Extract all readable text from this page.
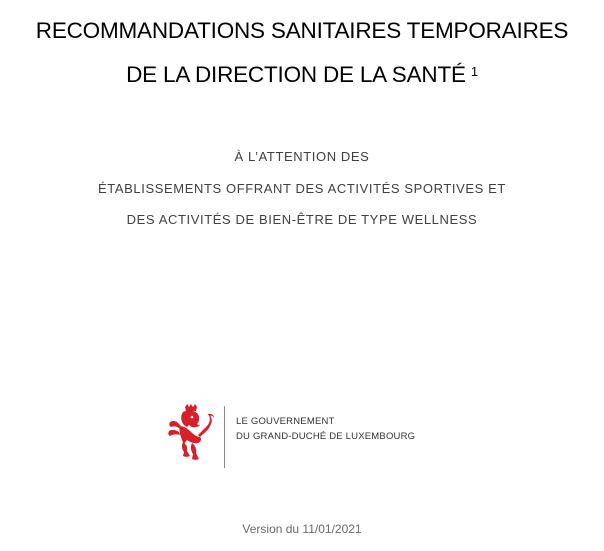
RECOMMANDATIONS SANITAIRES TEMPORAIRES
DE LA DIRECTION DE LA SANTÉ $^1$
À L’ATTENTION DES
ÉTABLISSEMENTS OFFRANT DES ACTIVITÉS SPORTIVES ET
DES ACTIVITÉS DE BIEN-ÊTRE DE TYPE WELLNESS
LE GOUVERNEMENT
DU GRAND-DUCHÉ DE LUXEMBOURG
Version du 11/01/2021
